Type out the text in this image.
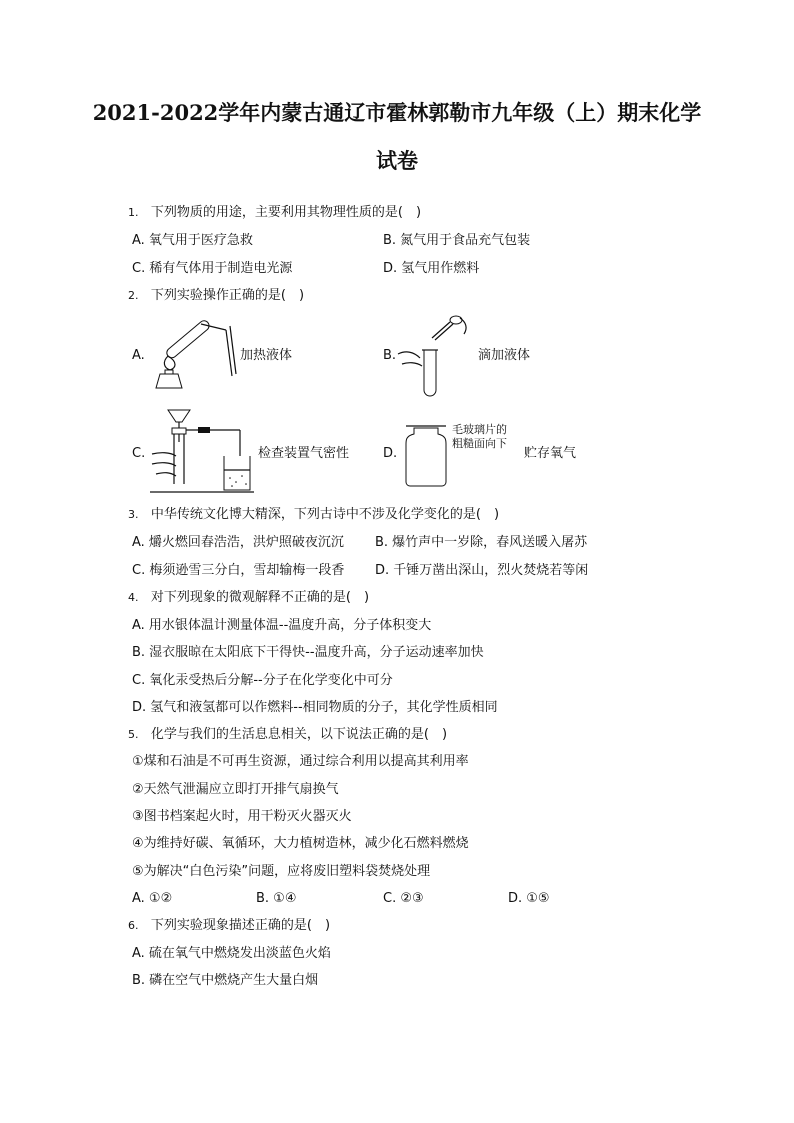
2021-2022学年内蒙古通辽市霍林郭勒市九年级（上）期末化学
试卷
1. 下列物质的用途，主要利用其物理性质的是(　)
A. 氧气用于医疗急救	B. 氮气用于食品充气包装
C. 稀有气体用于制造电光源	D. 氢气用作燃料
2. 下列实验操作正确的是(　)
A.	加热液体	B.	滴加液体
C.	检查装置气密性	D.
毛玻璃片的
粗糙面向下
贮存氧气
3. 中华传统文化博大精深，下列古诗中不涉及化学变化的是(　)
A. 爝火燃回春浩浩，洪炉照破夜沉沉 B. 爆竹声中一岁除，春风送暖入屠苏
C. 梅须逊雪三分白，雪却输梅一段香 D. 千锤万凿出深山，烈火焚烧若等闲
4. 对下列现象的微观解释不正确的是(　)
A. 用水银体温计测量体温--温度升高，分子体积变大
B. 湿衣服晾在太阳底下干得快--温度升高，分子运动速率加快
C. 氧化汞受热后分解--分子在化学变化中可分
D. 氢气和液氢都可以作燃料--相同物质的分子，其化学性质相同
5. 化学与我们的生活息息相关，以下说法正确的是(　)
①煤和石油是不可再生资源，通过综合利用以提高其利用率
②天然气泄漏应立即打开排气扇换气
③图书档案起火时，用干粉灭火器灭火
④为维持好碳、氧循环，大力植树造林，减少化石燃料燃烧
⑤为解决“白色污染”问题，应将废旧塑料袋焚烧处理
A. ①②	B. ①④	C. ②③	D. ①⑤
6. 下列实验现象描述正确的是(　)
A. 硫在氧气中燃烧发出淡蓝色火焰
B. 磷在空气中燃烧产生大量白烟
